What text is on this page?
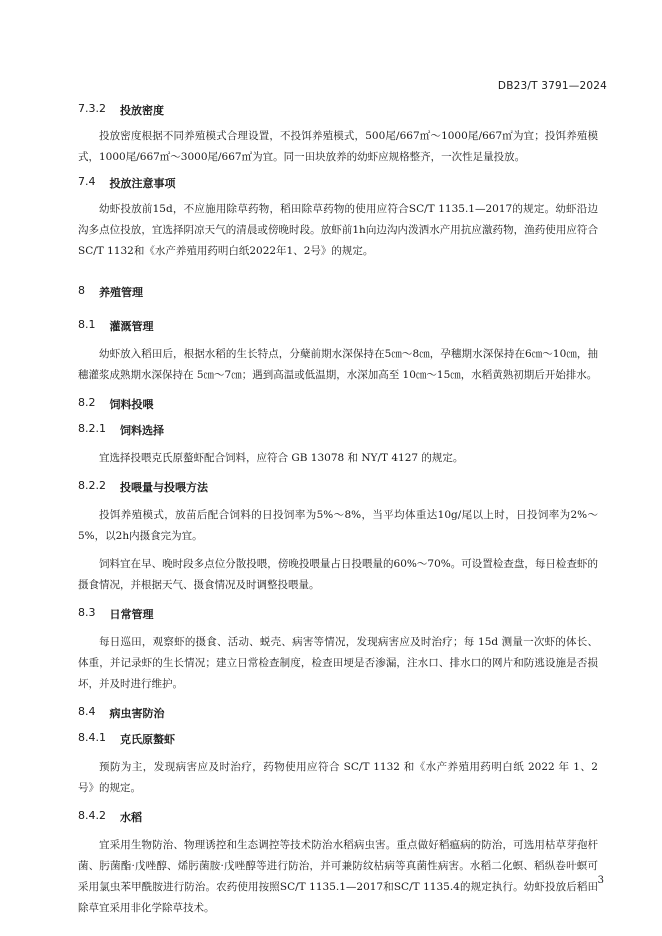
DB23/T 3791—2024

7.3.2 投放密度

投放密度根据不同养殖模式合理设置，不投饵养殖模式，500尾/667㎡～1000尾/667㎡为宜；投饵养殖模式，1000尾/667㎡～3000尾/667㎡为宜。同一田块放养的幼虾应规格整齐，一次性足量投放。

7.4 投放注意事项

幼虾投放前15d，不应施用除草药物，稻田除草药物的使用应符合SC/T 1135.1—2017的规定。幼虾沿边沟多点位投放，宜选择阴凉天气的清晨或傍晚时段。放虾前1h向边沟内泼洒水产用抗应激药物，渔药使用应符合SC/T 1132和《水产养殖用药明白纸2022年1、2号》的规定。

8 养殖管理

8.1 灌溉管理

幼虾放入稻田后，根据水稻的生长特点，分蘖前期水深保持在5㎝～8㎝，孕穗期水深保持在6㎝～10㎝，抽穗灌浆成熟期水深保持在 5㎝～7㎝；遇到高温或低温期，水深加高至 10㎝～15㎝，水稻黄熟初期后开始排水。

8.2 饲料投喂

8.2.1 饲料选择

宜选择投喂克氏原螯虾配合饲料，应符合 GB 13078 和 NY/T 4127 的规定。

8.2.2 投喂量与投喂方法

投饵养殖模式，放苗后配合饲料的日投饲率为5%～8%，当平均体重达10g/尾以上时，日投饲率为2%～5%，以2h内摄食完为宜。

饲料宜在早、晚时段多点位分散投喂，傍晚投喂量占日投喂量的60%～70%。可设置检查盘，每日检查虾的摄食情况，并根据天气、摄食情况及时调整投喂量。

8.3 日常管理

每日巡田，观察虾的摄食、活动、蜕壳、病害等情况，发现病害应及时治疗；每 15d 测量一次虾的体长、体重，并记录虾的生长情况；建立日常检查制度，检查田埂是否渗漏，注水口、排水口的网片和防逃设施是否损坏，并及时进行维护。

8.4 病虫害防治

8.4.1 克氏原螯虾

预防为主，发现病害应及时治疗，药物使用应符合 SC/T 1132 和《水产养殖用药明白纸 2022 年 1、2 号》的规定。

8.4.2 水稻

宜采用生物防治、物理诱控和生态调控等技术防治水稻病虫害。重点做好稻瘟病的防治，可选用枯草芽孢杆菌、肟菌酯·戊唑醇、烯肟菌胺·戊唑醇等进行防治，并可兼防纹枯病等真菌性病害。水稻二化螟、稻纵卷叶螟可采用氯虫苯甲酰胺进行防治。农药使用按照SC/T 1135.1—2017和SC/T 1135.4的规定执行。幼虾投放后稻田除草宜采用非化学除草技术。

3
